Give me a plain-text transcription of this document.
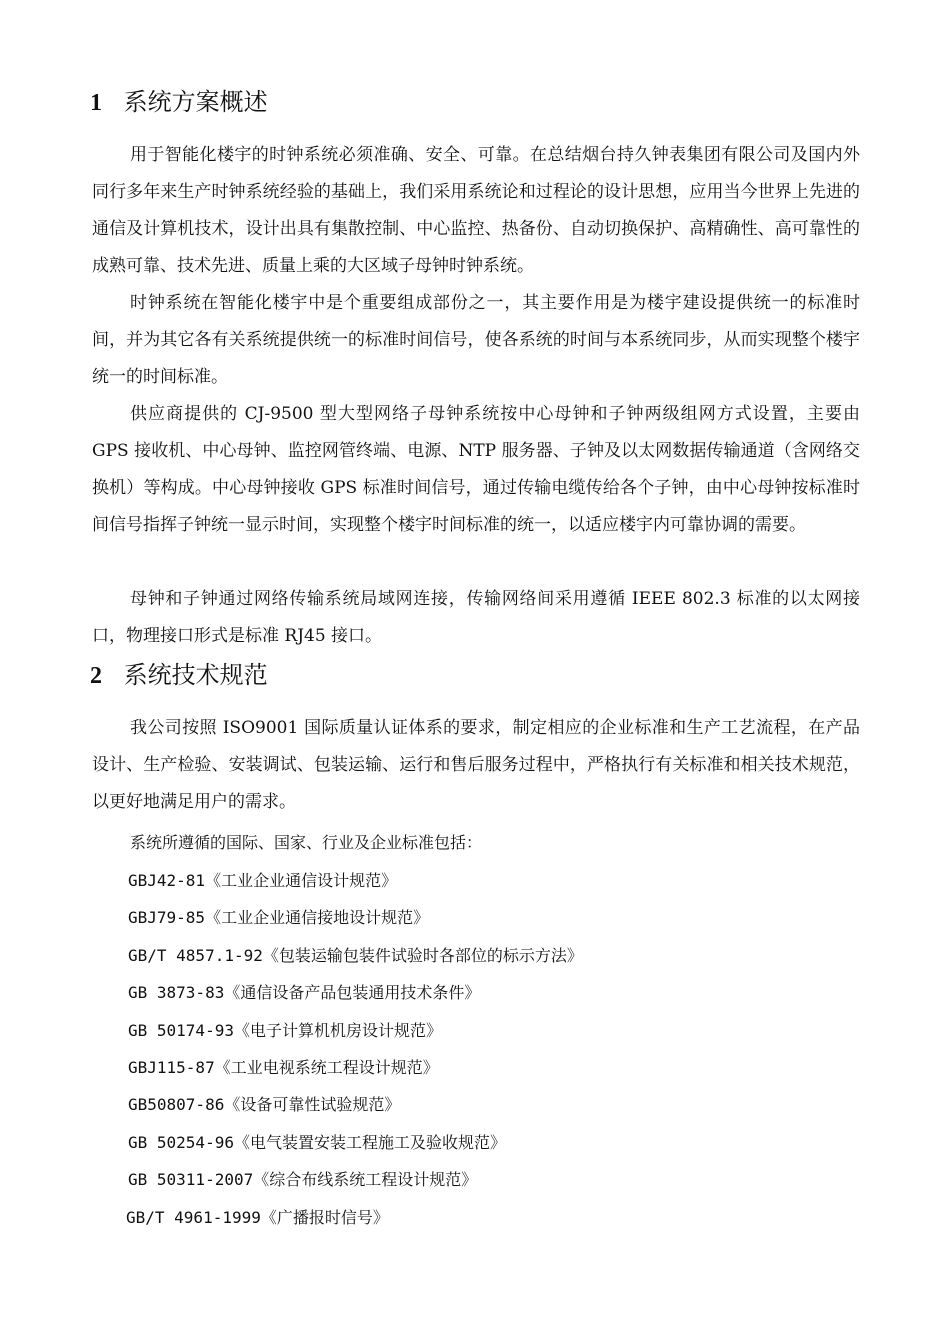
1 系统方案概述

用于智能化楼宇的时钟系统必须准确、安全、可靠。在总结烟台持久钟表集团有限公司及国内外同行多年来生产时钟系统经验的基础上，我们采用系统论和过程论的设计思想，应用当今世界上先进的通信及计算机技术，设计出具有集散控制、中心监控、热备份、自动切换保护、高精确性、高可靠性的成熟可靠、技术先进、质量上乘的大区域子母钟时钟系统。

时钟系统在智能化楼宇中是个重要组成部份之一，其主要作用是为楼宇建设提供统一的标准时间，并为其它各有关系统提供统一的标准时间信号，使各系统的时间与本系统同步，从而实现整个楼宇统一的时间标准。

供应商提供的 CJ-9500 型大型网络子母钟系统按中心母钟和子钟两级组网方式设置，主要由 GPS 接收机、中心母钟、监控网管终端、电源、NTP 服务器、子钟及以太网数据传输通道（含网络交换机）等构成。中心母钟接收 GPS 标准时间信号，通过传输电缆传给各个子钟，由中心母钟按标准时间信号指挥子钟统一显示时间，实现整个楼宇时间标准的统一，以适应楼宇内可靠协调的需要。

母钟和子钟通过网络传输系统局域网连接，传输网络间采用遵循 IEEE 802.3 标准的以太网接口，物理接口形式是标准 RJ45 接口。

2 系统技术规范

我公司按照 ISO9001 国际质量认证体系的要求，制定相应的企业标准和生产工艺流程，在产品设计、生产检验、安装调试、包装运输、运行和售后服务过程中，严格执行有关标准和相关技术规范，以更好地满足用户的需求。

系统所遵循的国际、国家、行业及企业标准包括：
GBJ42-81《工业企业通信设计规范》
GBJ79-85《工业企业通信接地设计规范》
GB/T 4857.1-92《包装运输包装件试验时各部位的标示方法》
GB 3873-83《通信设备产品包装通用技术条件》
GB 50174-93《电子计算机机房设计规范》
GBJ115-87《工业电视系统工程设计规范》
GB50807-86《设备可靠性试验规范》
GB 50254-96《电气装置安装工程施工及验收规范》
GB 50311-2007《综合布线系统工程设计规范》
GB/T 4961-1999《广播报时信号》
